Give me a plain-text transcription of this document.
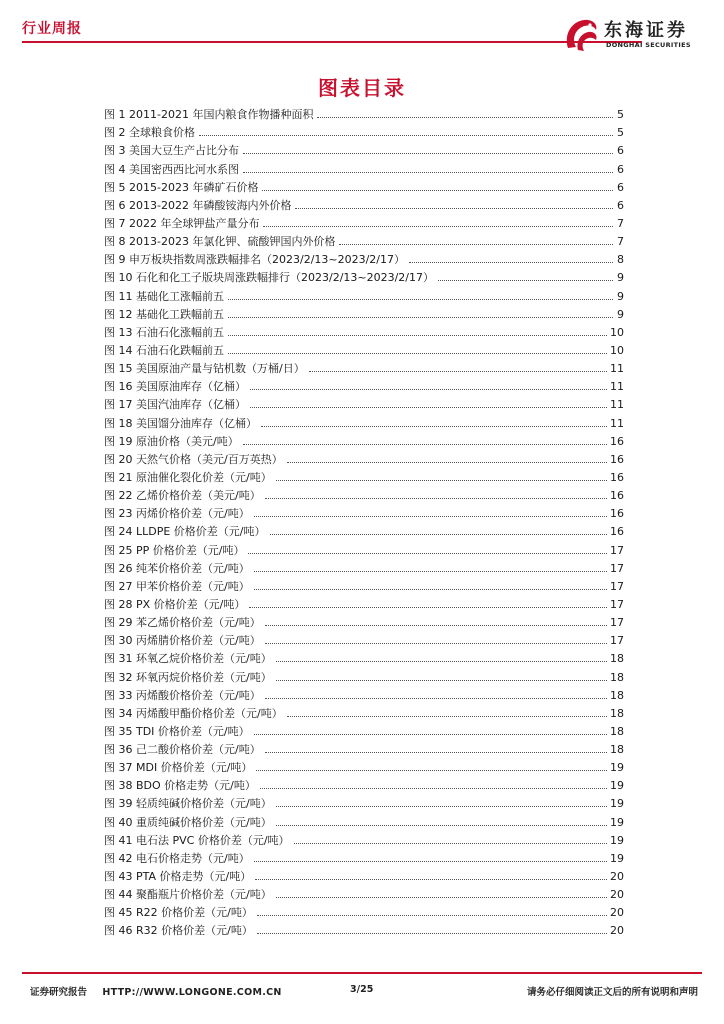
行业周报	东海证券
DONGHAI SECURITIES
图表目录
图 1 2011-2021 年国内粮食作物播种面积	5
图 2 全球粮食价格	5
图 3 美国大豆生产占比分布	6
图 4 美国密西西比河水系图	6
图 5 2015-2023 年磷矿石价格	6
图 6 2013-2022 年磷酸铵海内外价格	6
图 7 2022 年全球钾盐产量分布	7
图 8 2013-2023 年氯化钾、硫酸钾国内外价格	7
图 9 申万板块指数周涨跌幅排名（2023/2/13~2023/2/17）	8
图 10 石化和化工子版块周涨跌幅排行（2023/2/13~2023/2/17）	9
图 11 基础化工涨幅前五	9
图 12 基础化工跌幅前五	9
图 13 石油石化涨幅前五	10
图 14 石油石化跌幅前五	10
图 15 美国原油产量与钻机数（万桶/日）	11
图 16 美国原油库存（亿桶）	11
图 17 美国汽油库存（亿桶）	11
图 18 美国馏分油库存（亿桶）	11
图 19 原油价格（美元/吨）	16
图 20 天然气价格（美元/百万英热）	16
图 21 原油催化裂化价差（元/吨）	16
图 22 乙烯价格价差（美元/吨）	16
图 23 丙烯价格价差（元/吨）	16
图 24 LLDPE 价格价差（元/吨）	16
图 25 PP 价格价差（元/吨）	17
图 26 纯苯价格价差（元/吨）	17
图 27 甲苯价格价差（元/吨）	17
图 28 PX 价格价差（元/吨）	17
图 29 苯乙烯价格价差（元/吨）	17
图 30 丙烯腈价格价差（元/吨）	17
图 31 环氧乙烷价格价差（元/吨）	18
图 32 环氧丙烷价格价差（元/吨）	18
图 33 丙烯酸价格价差（元/吨）	18
图 34 丙烯酸甲酯价格价差（元/吨）	18
图 35 TDI 价格价差（元/吨）	18
图 36 己二酸价格价差（元/吨）	18
图 37 MDI 价格价差（元/吨）	19
图 38 BDO 价格走势（元/吨）	19
图 39 轻质纯碱价格价差（元/吨）	19
图 40 重质纯碱价格价差（元/吨）	19
图 41 电石法 PVC 价格价差（元/吨）	19
图 42 电石价格走势（元/吨）	19
图 43 PTA 价格走势（元/吨）	20
图 44 聚酯瓶片价格价差（元/吨）	20
图 45 R22 价格价差（元/吨）	20
图 46 R32 价格价差（元/吨）	20
证券研究报告 HTTP://WWW.LONGONE.COM.CN	3/25	请务必仔细阅读正文后的所有说明和声明
